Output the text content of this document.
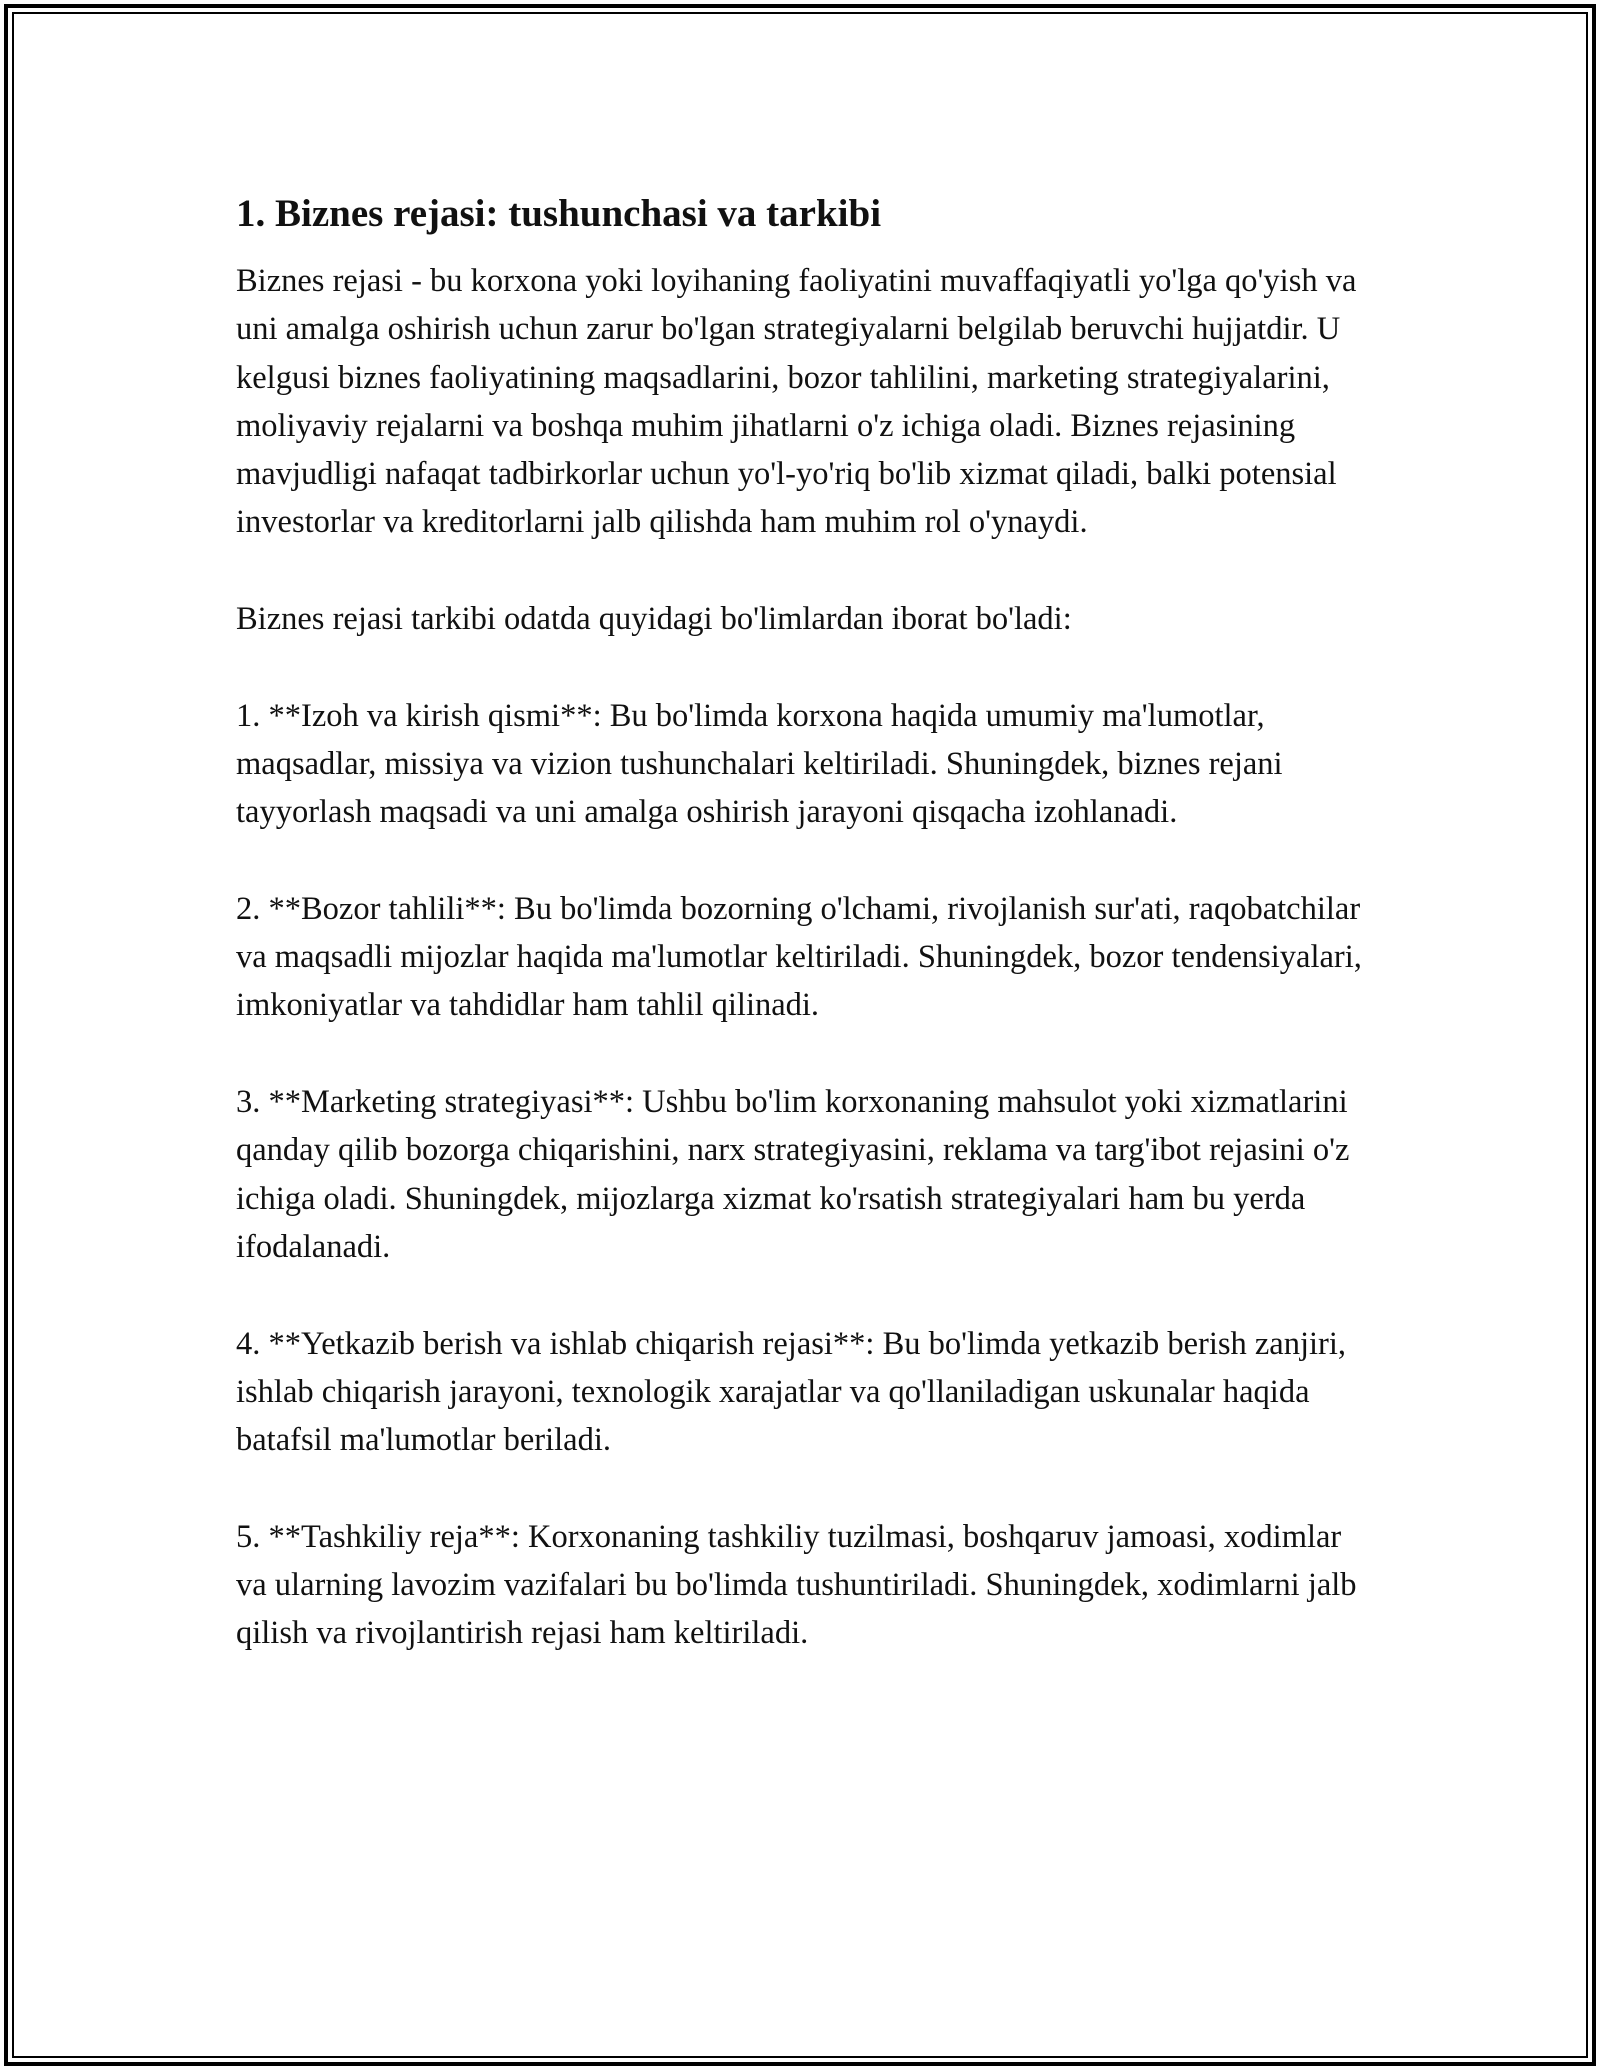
1. Biznes rejasi: tushunchasi va tarkibi

Biznes rejasi - bu korxona yoki loyihaning faoliyatini muvaffaqiyatli yo'lga qo'yish va uni amalga oshirish uchun zarur bo'lgan strategiyalarni belgilab beruvchi hujjatdir. U kelgusi biznes faoliyatining maqsadlarini, bozor tahlilini, marketing strategiyalarini, moliyaviy rejalarni va boshqa muhim jihatlarni o'z ichiga oladi. Biznes rejasining mavjudligi nafaqat tadbirkorlar uchun yo'l-yo'riq bo'lib xizmat qiladi, balki potensial investorlar va kreditorlarni jalb qilishda ham muhim rol o'ynaydi.

Biznes rejasi tarkibi odatda quyidagi bo'limlardan iborat bo'ladi:

1. **Izoh va kirish qismi**: Bu bo'limda korxona haqida umumiy ma'lumotlar, maqsadlar, missiya va vizion tushunchalari keltiriladi. Shuningdek, biznes rejani tayyorlash maqsadi va uni amalga oshirish jarayoni qisqacha izohlanadi.

2. **Bozor tahlili**: Bu bo'limda bozorning o'lchami, rivojlanish sur'ati, raqobatchilar va maqsadli mijozlar haqida ma'lumotlar keltiriladi. Shuningdek, bozor tendensiyalari, imkoniyatlar va tahdidlar ham tahlil qilinadi.

3. **Marketing strategiyasi**: Ushbu bo'lim korxonaning mahsulot yoki xizmatlarini qanday qilib bozorga chiqarishini, narx strategiyasini, reklama va targ'ibot rejasini o'z ichiga oladi. Shuningdek, mijozlarga xizmat ko'rsatish strategiyalari ham bu yerda ifodalanadi.

4. **Yetkazib berish va ishlab chiqarish rejasi**: Bu bo'limda yetkazib berish zanjiri, ishlab chiqarish jarayoni, texnologik xarajatlar va qo'llaniladigan uskunalar haqida batafsil ma'lumotlar beriladi.

5. **Tashkiliy reja**: Korxonaning tashkiliy tuzilmasi, boshqaruv jamoasi, xodimlar va ularning lavozim vazifalari bu bo'limda tushuntiriladi. Shuningdek, xodimlarni jalb qilish va rivojlantirish rejasi ham keltiriladi.
